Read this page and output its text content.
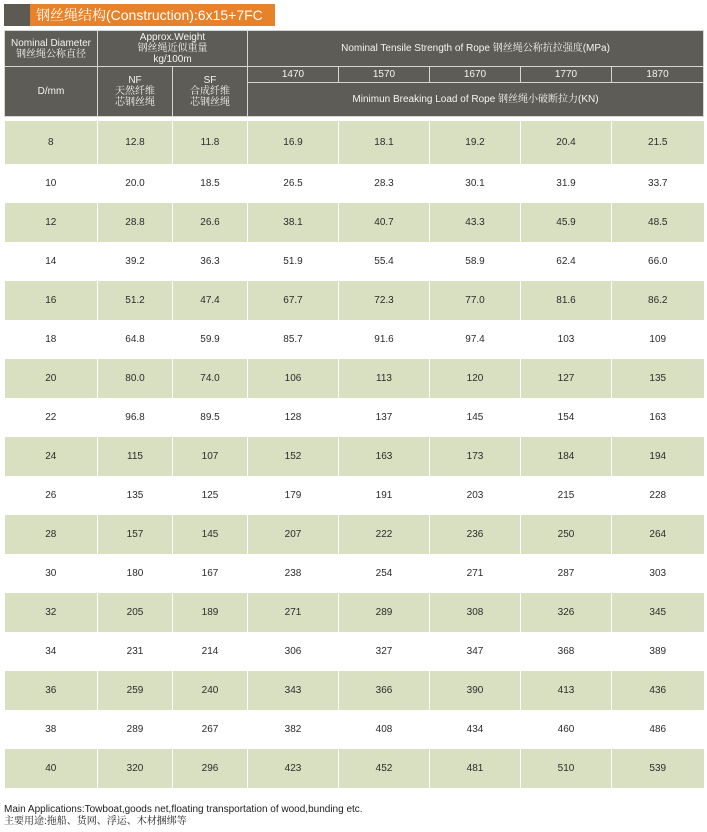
钢丝绳结构(Construction):6x15+7FC
Nominal Diameter
钢丝绳公称直径	Approx.Weight
钢丝绳近似重量
kg/100m		Nominal Tensile Strength of Rope 钢丝绳公称抗拉强度(MPa)				
D/mm	NF
天然纤维
芯钢丝绳	SF
合成纤维
芯钢丝绳	1470	1570	1670	1770	1870
			Minimun Breaking Load of Rope 钢丝绳小破断拉力(KN)				

8	12.8	11.8	16.9	18.1	19.2	20.4	21.5
10	20.0	18.5	26.5	28.3	30.1	31.9	33.7
12	28.8	26.6	38.1	40.7	43.3	45.9	48.5
14	39.2	36.3	51.9	55.4	58.9	62.4	66.0
16	51.2	47.4	67.7	72.3	77.0	81.6	86.2
18	64.8	59.9	85.7	91.6	97.4	103	109
20	80.0	74.0	106	113	120	127	135
22	96.8	89.5	128	137	145	154	163
24	115	107	152	163	173	184	194
26	135	125	179	191	203	215	228
28	157	145	207	222	236	250	264
30	180	167	238	254	271	287	303
32	205	189	271	289	308	326	345
34	231	214	306	327	347	368	389
36	259	240	343	366	390	413	436
38	289	267	382	408	434	460	486
40	320	296	423	452	481	510	539
Main Applications:Towboat,goods net,floating transportation of wood,bunding etc.
主要用途:拖船、货网、浮运、木材捆绑等
